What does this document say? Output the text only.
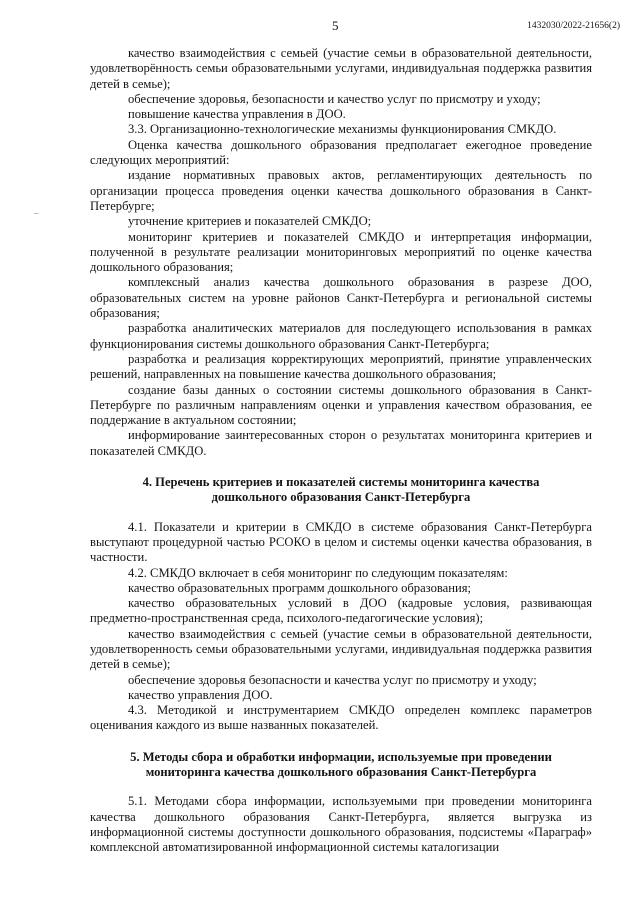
5	1432030/2022-21656(2)
–

качество взаимодействия с семьей (участие семьи в образовательной деятельности, удовлетворённость семьи образовательными услугами, индивидуальная поддержка развития детей в семье);

обеспечение здоровья, безопасности и качество услуг по присмотру и уходу;

повышение качества управления в ДОО.

3.3. Организационно-технологические механизмы функционирования СМКДО.

Оценка качества дошкольного образования предполагает ежегодное проведение следующих мероприятий:

издание нормативных правовых актов, регламентирующих деятельность по организации процесса проведения оценки качества дошкольного образования в Санкт-Петербурге;

уточнение критериев и показателей СМКДО;

мониторинг критериев и показателей СМКДО и интерпретация информации, полученной в результате реализации мониторинговых мероприятий по оценке качества дошкольного образования;

комплексный анализ качества дошкольного образования в разрезе ДОО, образовательных систем на уровне районов Санкт-Петербурга и региональной системы образования;

разработка аналитических материалов для последующего использования в рамках функционирования системы дошкольного образования Санкт-Петербурга;

разработка и реализация корректирующих мероприятий, принятие управленческих решений, направленных на повышение качества дошкольного образования;

создание базы данных о состоянии системы дошкольного образования в Санкт-Петербурге по различным направлениям оценки и управления качеством образования, ее поддержание в актуальном состоянии;

информирование заинтересованных сторон о результатах мониторинга критериев и показателей СМКДО.

4. Перечень критериев и показателей системы мониторинга качества
дошкольного образования Санкт-Петербурга

4.1. Показатели и критерии в СМКДО в системе образования Санкт-Петербурга выступают процедурной частью РСОКО в целом и системы оценки качества образования, в частности.

4.2. СМКДО включает в себя мониторинг по следующим показателям:

качество образовательных программ дошкольного образования;

качество образовательных условий в ДОО (кадровые условия, развивающая предметно-пространственная среда, психолого-педагогические условия);

качество взаимодействия с семьей (участие семьи в образовательной деятельности, удовлетворенность семьи образовательными услугами, индивидуальная поддержка развития детей в семье);

обеспечение здоровья безопасности и качества услуг по присмотру и уходу;

качество управления ДОО.

4.3. Методикой и инструментарием СМКДО определен комплекс параметров оценивания каждого из выше названных показателей.

5. Методы сбора и обработки информации, используемые при проведении
мониторинга качества дошкольного образования Санкт-Петербурга

5.1. Методами сбора информации, используемыми при проведении мониторинга качества дошкольного образования Санкт-Петербурга, является выгрузка из информационной системы доступности дошкольного образования, подсистемы «Параграф» комплексной автоматизированной информационной системы каталогизации
